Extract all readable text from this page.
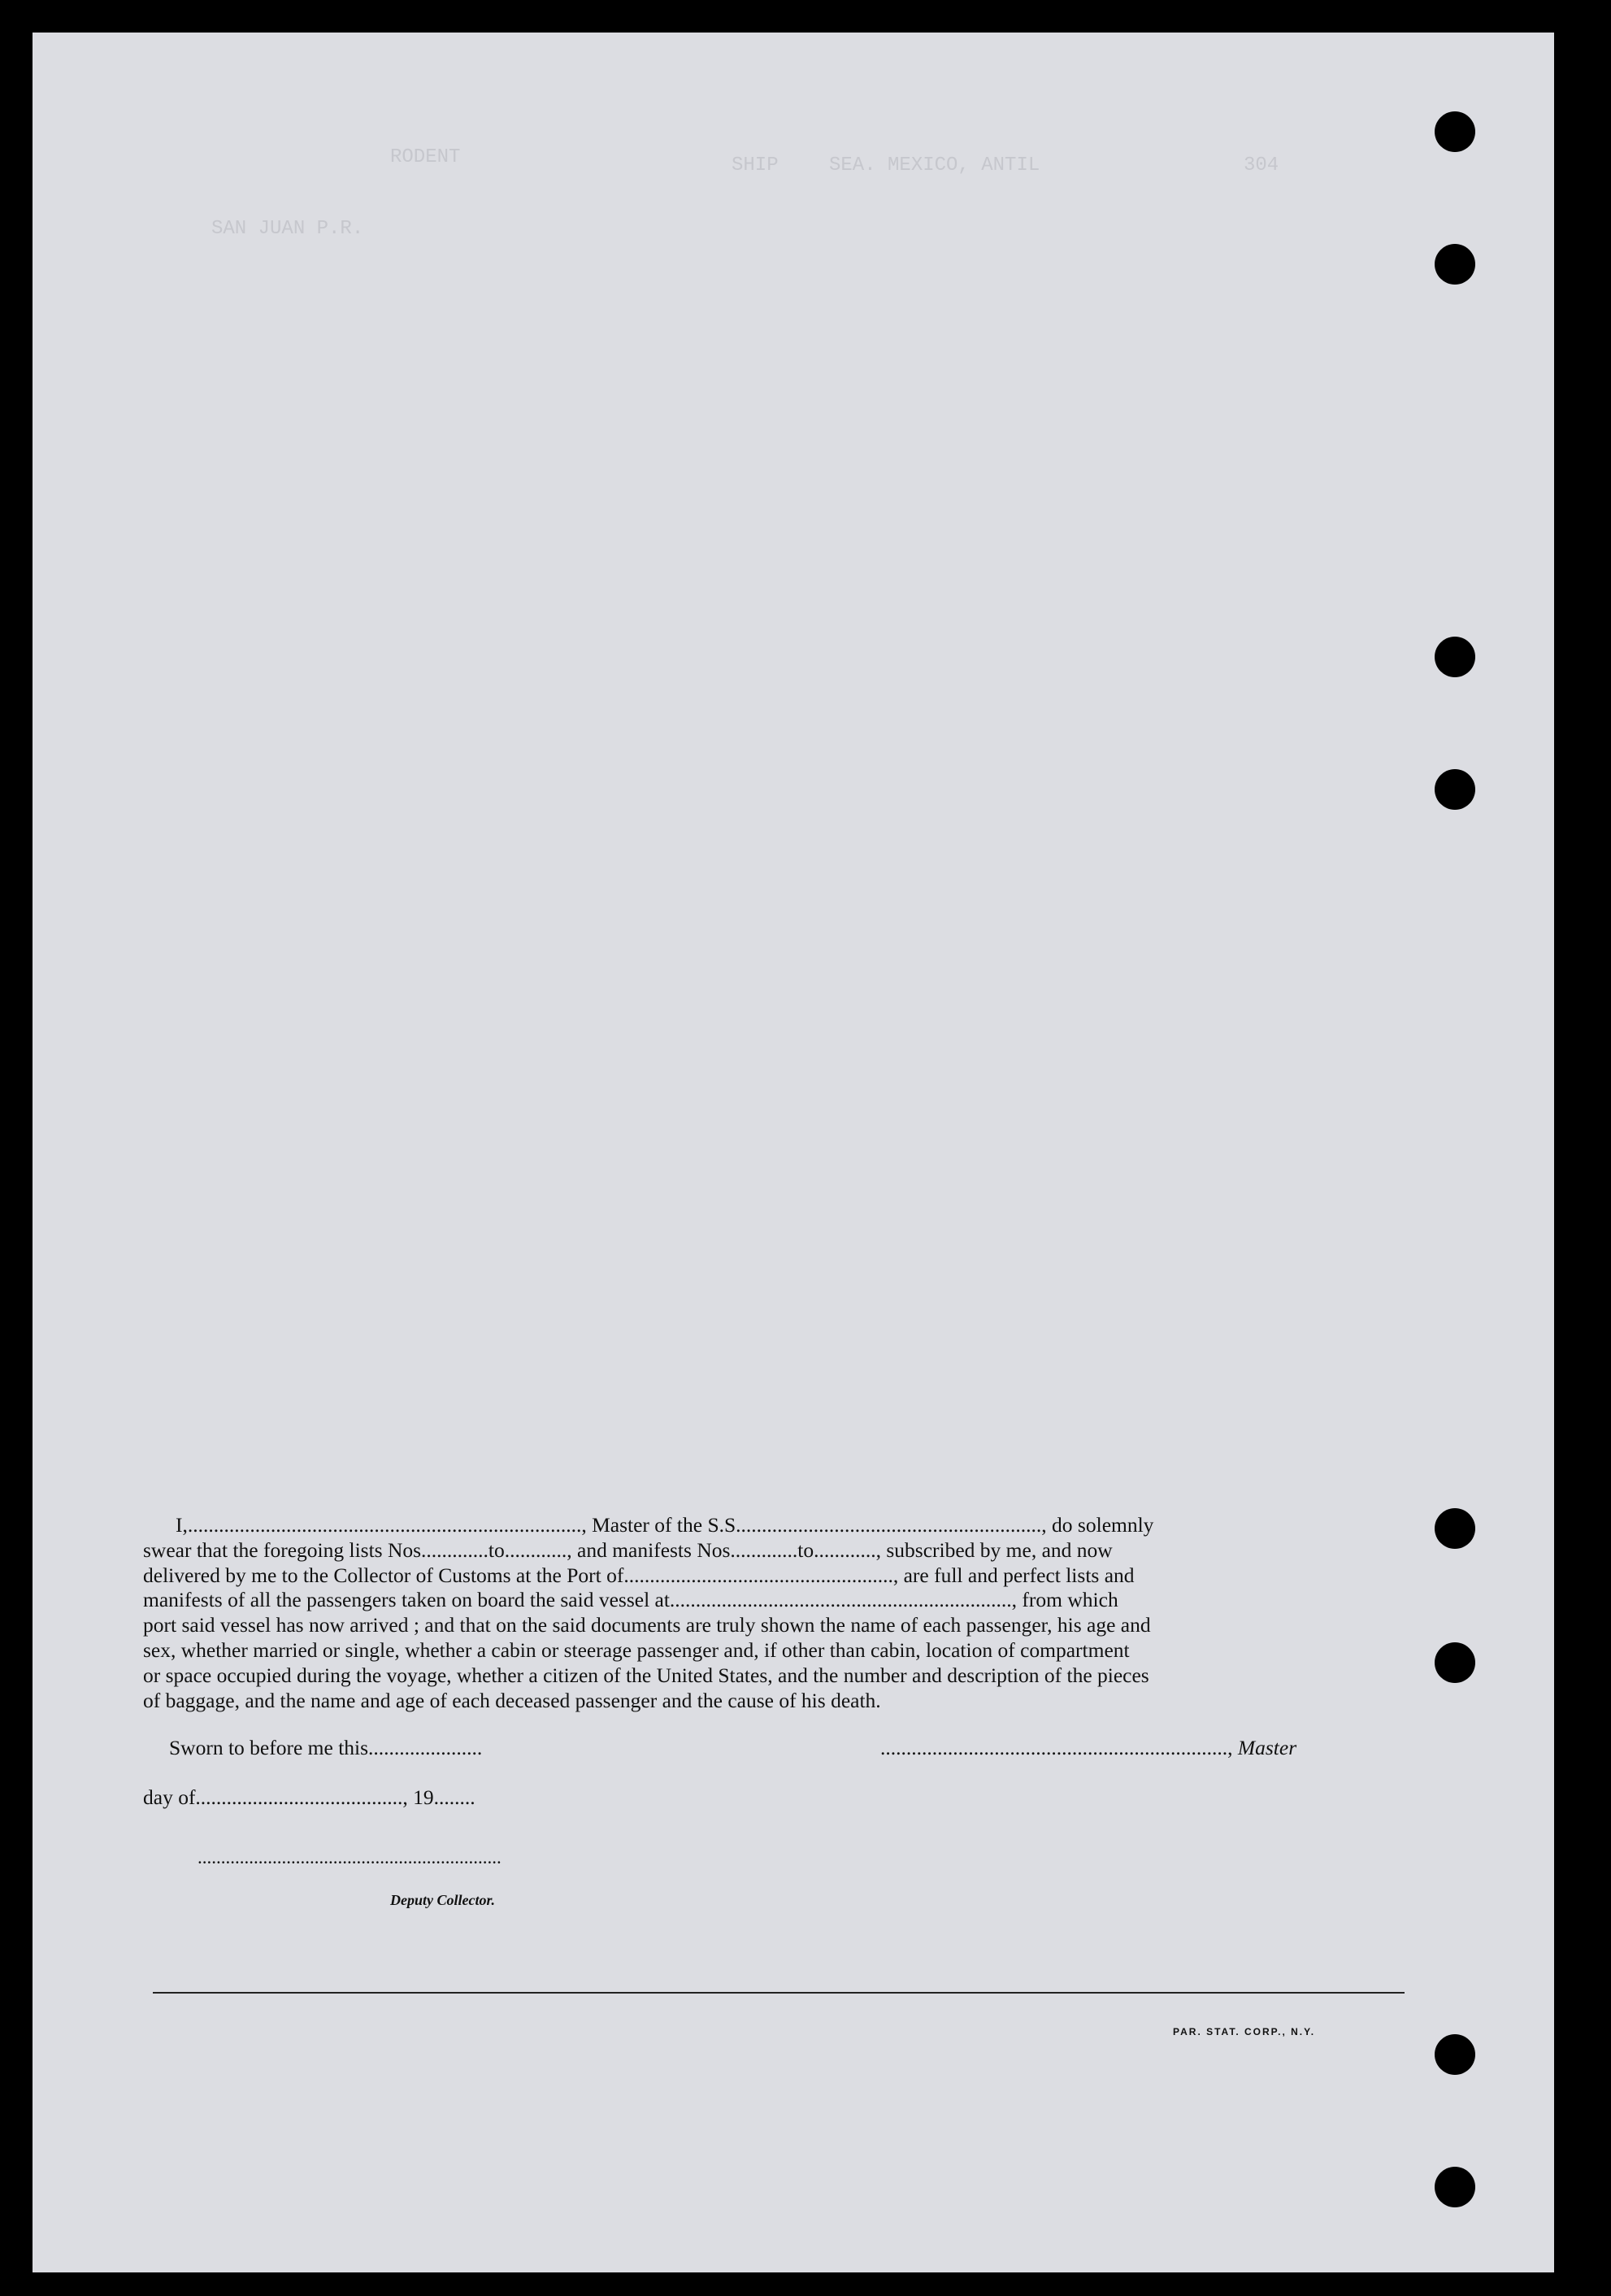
RODENT	SHIP	SEA. MEXICO, ANTIL
SAN JUAN P.R.
304

I,............................................................................, Master of the S.S..........................................................., do solemnly

swear that the foregoing lists Nos.............to............, and manifests Nos.............to............, subscribed by me, and now

delivered by me to the Collector of Customs at the Port of...................................................., are full and perfect lists and

manifests of all the passengers taken on board the said vessel at.................................................................., from which

port said vessel has now arrived ; and that on the said documents are truly shown the name of each passenger, his age and

sex, whether married or single, whether a cabin or steerage passenger and, if other than cabin, location of compartment

or space occupied during the voyage, whether a citizen of the United States, and the number and description of the pieces

of baggage, and the name and age of each deceased passenger and the cause of his death.

Sworn to before me this......................	..................................................................., Master
day of........................................, 19........
.................................................................
Deputy Collector.
PAR. STAT. CORP., N.Y.
